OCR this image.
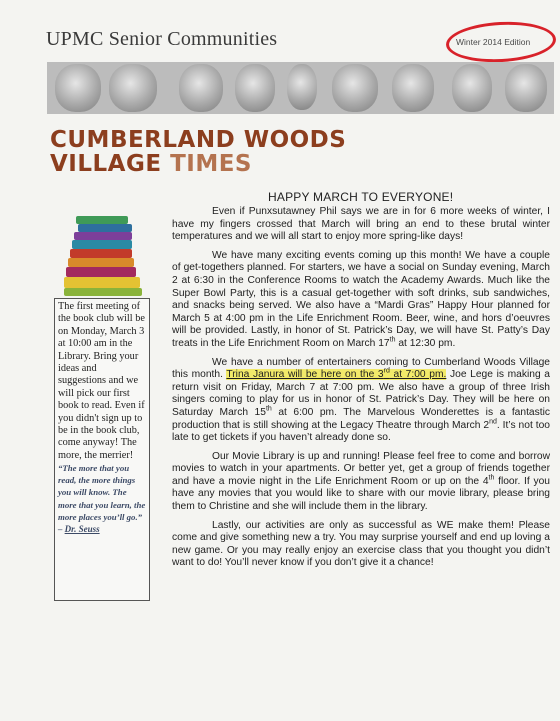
UPMC Senior Communities	Winter 2014 Edition
CUMBERLAND WOODS
VILLAGE TIMES

The first meeting of the book club will be on Monday, March 3 at 10:00 am in the Library. Bring your ideas and suggestions and we will pick our first book to read. Even if you didn't sign up to be in the book club, come anyway! The more, the merrier!

“The more that you read, the more things you will know. The more that you learn, the more places you’ll go.”

– Dr. Seuss

HAPPY MARCH TO EVERYONE!

Even if Punxsutawney Phil says we are in for 6 more weeks of winter, I have my fingers crossed that March will bring an end to these brutal winter temperatures and we will all start to enjoy more spring-like days!

We have many exciting events coming up this month! We have a couple of get-togethers planned. For starters, we have a social on Sunday evening, March 2 at 6:30 in the Conference Rooms to watch the Academy Awards. Much like the Super Bowl Party, this is a casual get-together with soft drinks, sub sandwiches, and snacks being served. We also have a “Mardi Gras” Happy Hour planned for March 5 at 4:00 pm in the Life Enrichment Room. Beer, wine, and hors d’oeuvres will be provided. Lastly, in honor of St. Patrick’s Day, we will have St. Patty’s Day treats in the Life Enrichment Room on March 17th at 12:30 pm.

We have a number of entertainers coming to Cumberland Woods Village this month. Trina Janura will be here on the 3rd at 7:00 pm. Joe Lege is making a return visit on Friday, March 7 at 7:00 pm. We also have a group of three Irish singers coming to play for us in honor of St. Patrick’s Day. They will be here on Saturday March 15th at 6:00 pm. The Marvelous Wonderettes is a fantastic production that is still showing at the Legacy Theatre through March 2nd. It’s not too late to get tickets if you haven’t already done so.

Our Movie Library is up and running! Please feel free to come and borrow movies to watch in your apartments. Or better yet, get a group of friends together and have a movie night in the Life Enrichment Room or up on the 4th floor. If you have any movies that you would like to share with our movie library, please bring them to Christine and she will include them in the library.

Lastly, our activities are only as successful as WE make them! Please come and give something new a try. You may surprise yourself and end up loving a new game. Or you may really enjoy an exercise class that you thought you didn’t want to do! You’ll never know if you don’t give it a chance!
